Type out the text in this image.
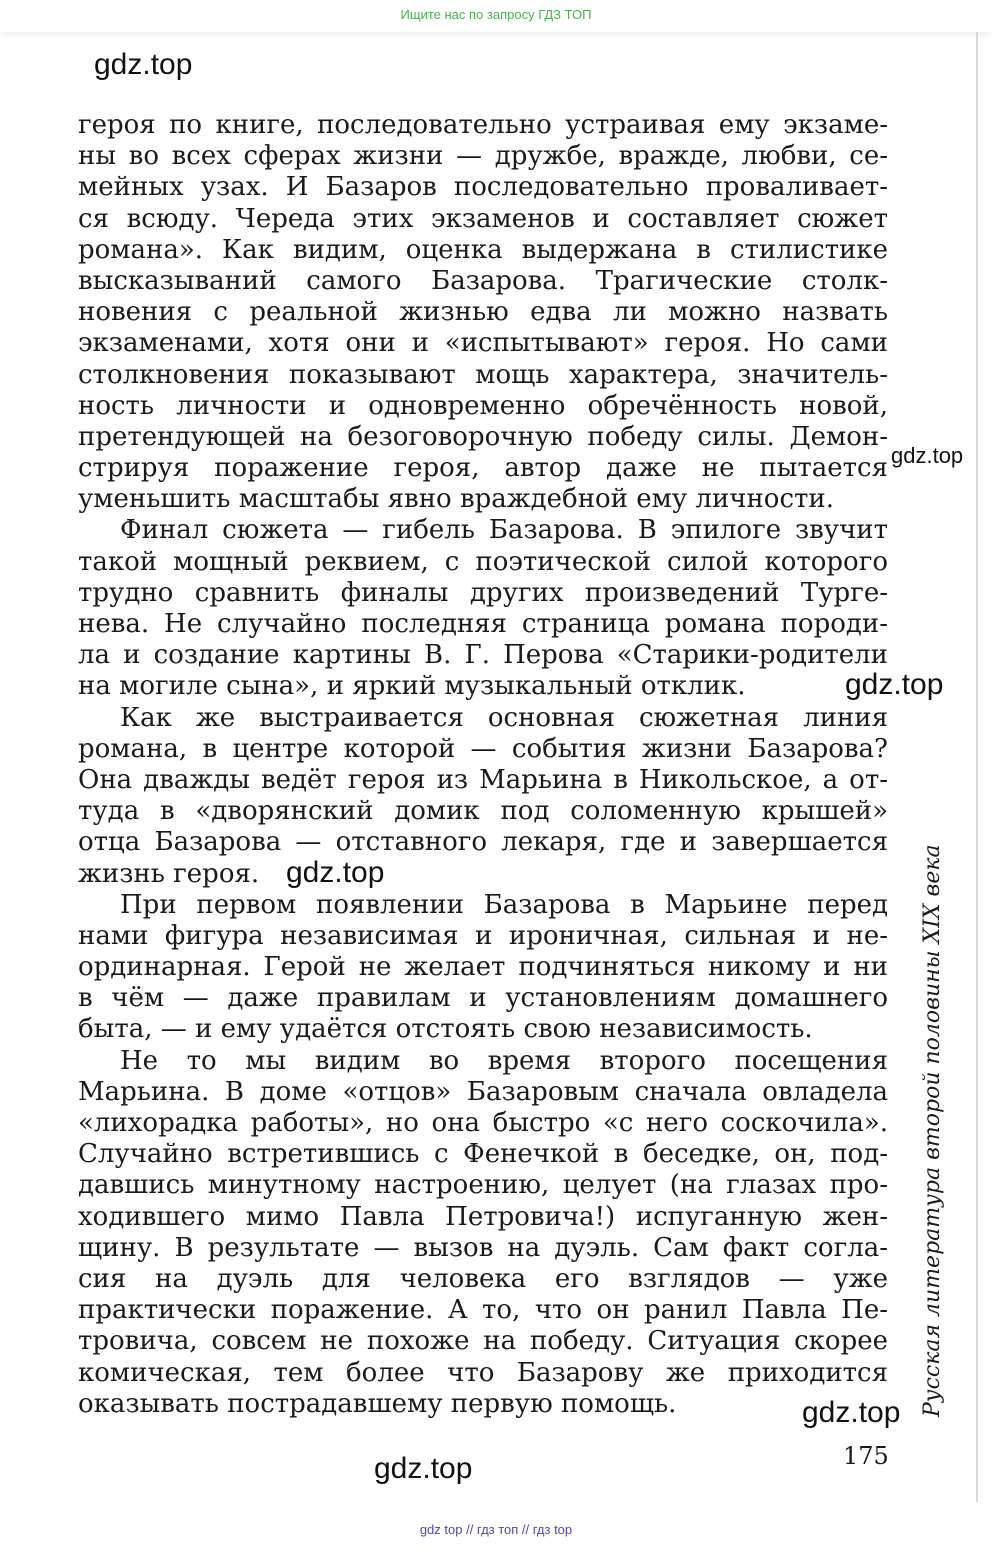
Ищите нас по запросу ГДЗ ТОП
gdz.top
gdz.top
gdz.top
gdz.top
gdz.top
gdz.top
героя по книге, последовательно устраивая ему экзаме-
ны во всех сферах жизни — дружбе, вражде, любви, се-
мейных узах. И Базаров последовательно проваливает-
ся всюду. Череда этих экзаменов и составляет сюжет
романа». Как видим, оценка выдержана в стилистике
высказываний самого Базарова. Трагические столк-
новения с реальной жизнью едва ли можно назвать
экзаменами, хотя они и «испытывают» героя. Но сами
столкновения показывают мощь характера, значитель-
ность личности и одновременно обречённость новой,
претендующей на безоговорочную победу силы. Демон-
стрируя поражение героя, автор даже не пытается
уменьшить масштабы явно враждебной ему личности.
Финал сюжета — гибель Базарова. В эпилоге звучит
такой мощный реквием, с поэтической силой которого
трудно сравнить финалы других произведений Турге-
нева. Не случайно последняя страница романа породи-
ла и создание картины В. Г. Перова «Старики-родители
на могиле сына», и яркий музыкальный отклик.
Как же выстраивается основная сюжетная линия
романа, в центре которой — события жизни Базарова?
Она дважды ведёт героя из Марьина в Никольское, а от-
туда в «дворянский домик под соломенную крышей»
отца Базарова — отставного лекаря, где и завершается
жизнь героя.
При первом появлении Базарова в Марьине перед
нами фигура независимая и ироничная, сильная и не-
ординарная. Герой не желает подчиняться никому и ни
в чём — даже правилам и установлениям домашнего
быта, — и ему удаётся отстоять свою независимость.
Не то мы видим во время второго посещения
Марьина. В доме «отцов» Базаровым сначала овладела
«лихорадка работы», но она быстро «с него соскочила».
Случайно встретившись с Фенечкой в беседке, он, под-
давшись минутному настроению, целует (на глазах про-
ходившего мимо Павла Петровича!) испуганную жен-
щину. В результате — вызов на дуэль. Сам факт согла-
сия на дуэль для человека его взглядов — уже
практически поражение. А то, что он ранил Павла Пе-
тровича, совсем не похоже на победу. Ситуация скорее
комическая, тем более что Базарову же приходится
оказывать пострадавшему первую помощь.	Русская литература второй половины XIX века
175
gdz top // гдз топ // гдз top
